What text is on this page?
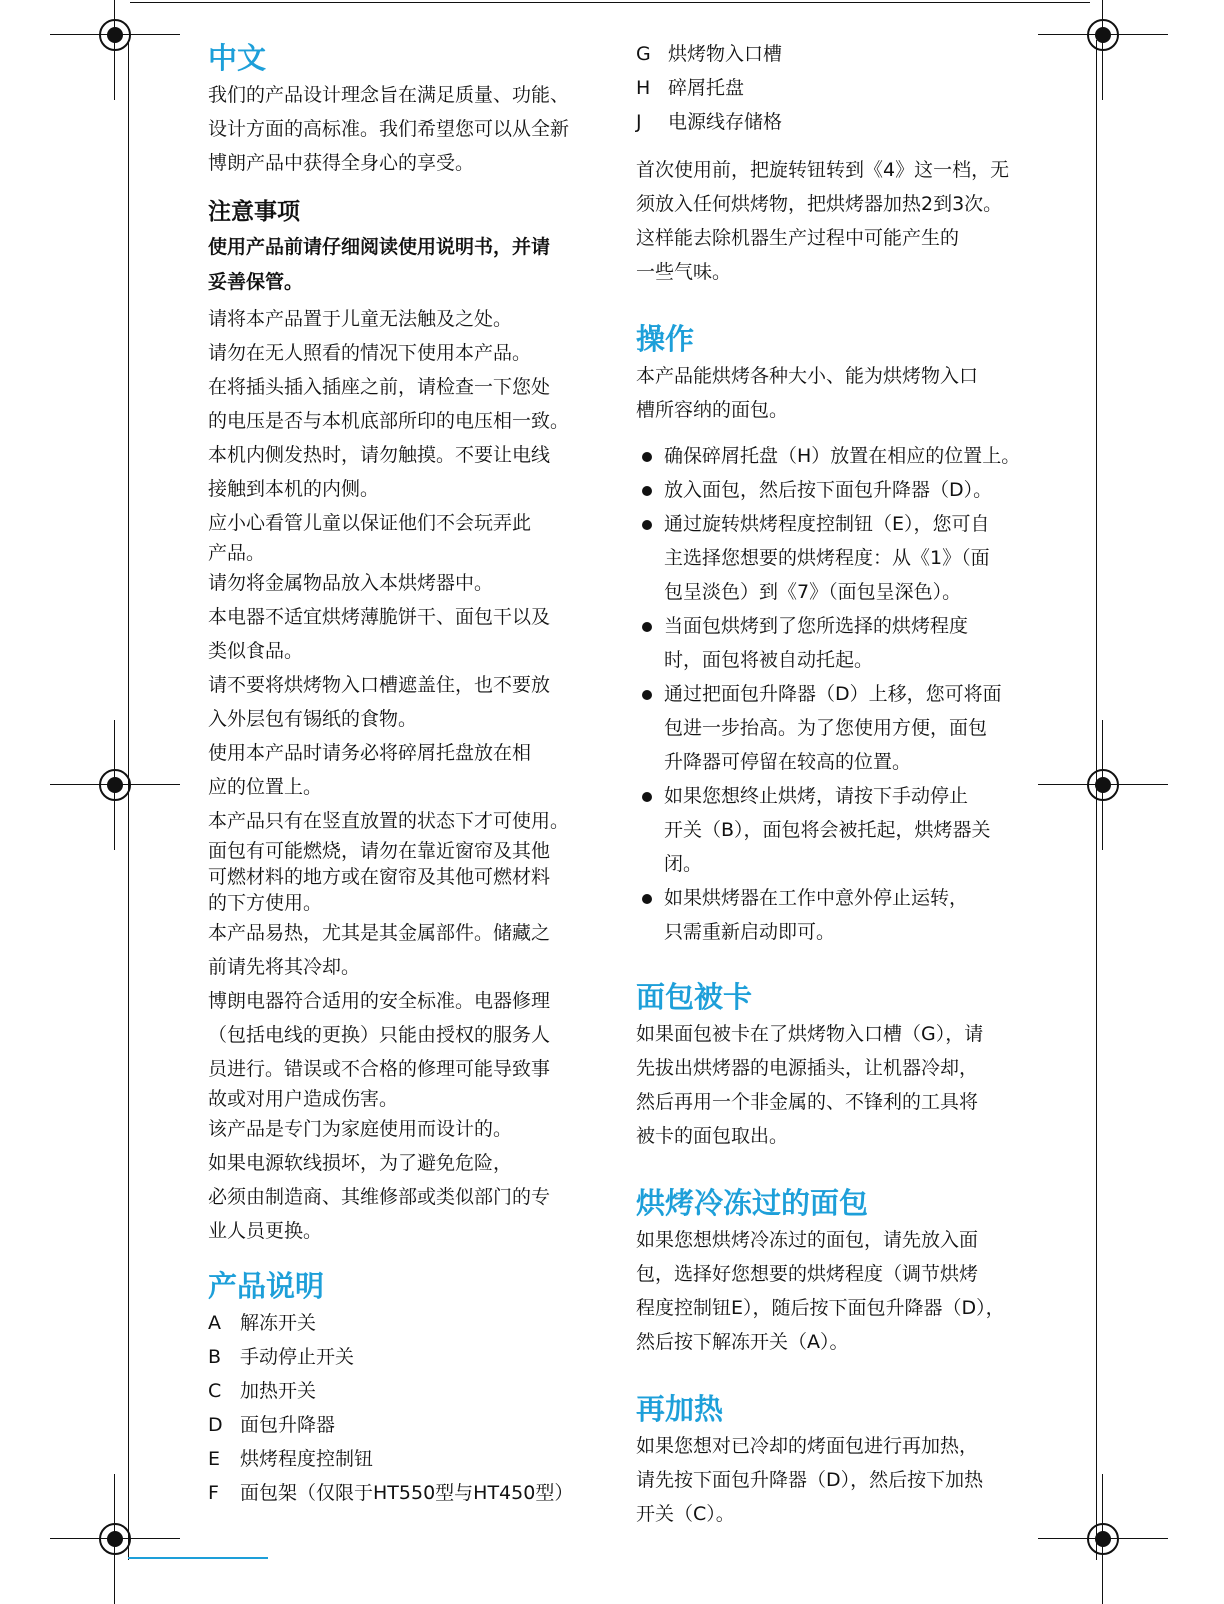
中文

我们的产品设计理念旨在满足质量、功能、

设计方面的高标准。我们希望您可以从全新

博朗产品中获得全身心的享受。

注意事项

使用产品前请仔细阅读使用说明书，并请

妥善保管。

请将本产品置于儿童无法触及之处。

请勿在无人照看的情况下使用本产品。

在将插头插入插座之前，请检查一下您处

的电压是否与本机底部所印的电压相一致。

本机内侧发热时，请勿触摸。不要让电线

接触到本机的内侧。

应小心看管儿童以保证他们不会玩弄此

产品。

请勿将金属物品放入本烘烤器中。

本电器不适宜烘烤薄脆饼干、面包干以及

类似食品。

请不要将烘烤物入口槽遮盖住，也不要放

入外层包有锡纸的食物。

使用本产品时请务必将碎屑托盘放在相

应的位置上。

本产品只有在竖直放置的状态下才可使用。

面包有可能燃烧，请勿在靠近窗帘及其他

可燃材料的地方或在窗帘及其他可燃材料

的下方使用。

本产品易热，尤其是其金属部件。储藏之

前请先将其冷却。

博朗电器符合适用的安全标准。电器修理

（包括电线的更换）只能由授权的服务人

员进行。错误或不合格的修理可能导致事

故或对用户造成伤害。

该产品是专门为家庭使用而设计的。

如果电源软线损坏，为了避免危险，

必须由制造商、其维修部或类似部门的专

业人员更换。

产品说明
A	解冻开关
B 手动停止开关
C 加热开关
D 面包升降器
E	烘烤程度控制钮
F	面包架（仅限于HT550型与HT450型）
G 烘烤物入口槽
H 碎屑托盘
J	电源线存储格

首次使用前，把旋转钮转到《4》这一档，无

须放入任何烘烤物，把烘烤器加热2到3次。

这样能去除机器生产过程中可能产生的

一些气味。

操作

本产品能烘烤各种大小、能为烘烤物入口

槽所容纳的面包。

确保碎屑托盘（H）放置在相应的位置上。
放入面包，然后按下面包升降器（D）。
通过旋转烘烤程度控制钮（E），您可自
主选择您想要的烘烤程度：从《1》（面
包呈淡色）到《7》（面包呈深色）。
当面包烘烤到了您所选择的烘烤程度
时，面包将被自动托起。
通过把面包升降器（D）上移，您可将面
包进一步抬高。为了您使用方便，面包
升降器可停留在较高的位置。
如果您想终止烘烤，请按下手动停止
开关（B），面包将会被托起，烘烤器关闭。
如果烘烤器在工作中意外停止运转，
只需重新启动即可。
面包被卡

如果面包被卡在了烘烤物入口槽（G），请

先拔出烘烤器的电源插头，让机器冷却，

然后再用一个非金属的、不锋利的工具将

被卡的面包取出。

烘烤冷冻过的面包

如果您想烘烤冷冻过的面包，请先放入面

包，选择好您想要的烘烤程度（调节烘烤

程度控制钮E），随后按下面包升降器（D），

然后按下解冻开关（A）。

再加热

如果您想对已冷却的烤面包进行再加热，

请先按下面包升降器（D），然后按下加热

开关（C）。
